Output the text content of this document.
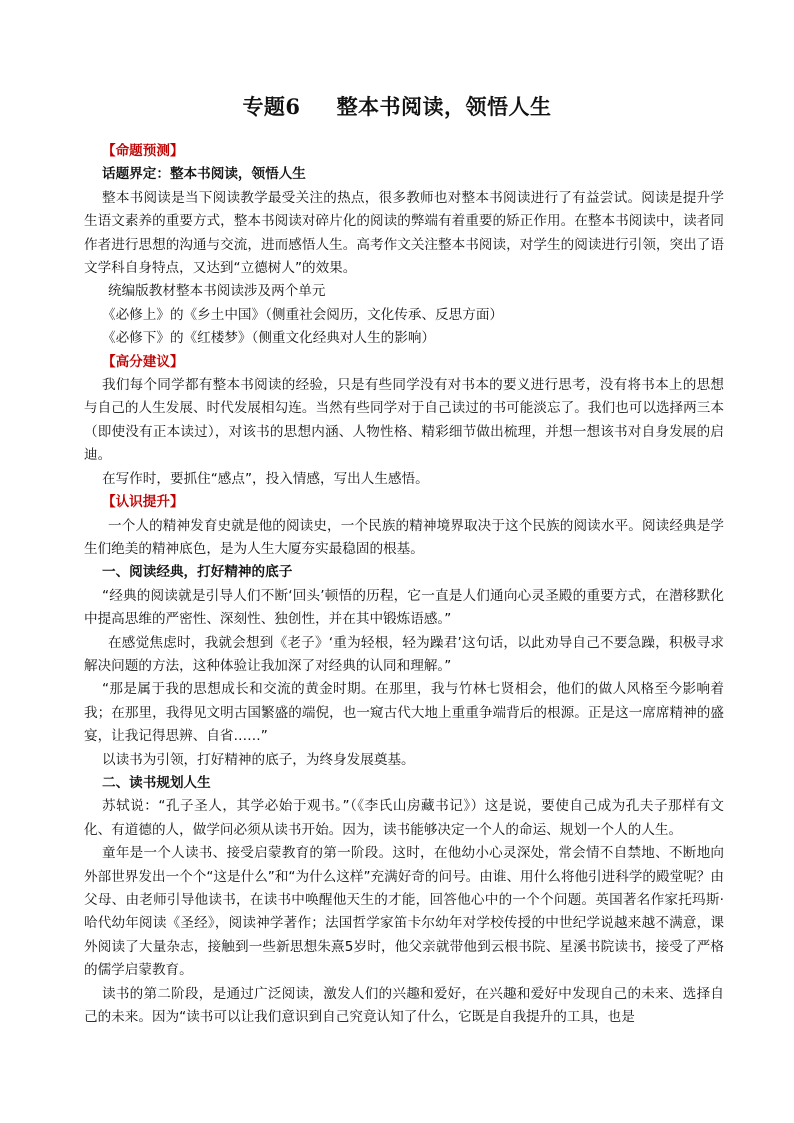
专题6 整本书阅读，领悟人生

【命题预测】

话题界定：整本书阅读，领悟人生

整本书阅读是当下阅读教学最受关注的热点，很多教师也对整本书阅读进行了有益尝试。阅读是提升学生语文素养的重要方式，整本书阅读对碎片化的阅读的弊端有着重要的矫正作用。在整本书阅读中，读者同作者进行思想的沟通与交流，进而感悟人生。高考作文关注整本书阅读，对学生的阅读进行引领，突出了语文学科自身特点，又达到“立德树人”的效果。

统编版教材整本书阅读涉及两个单元

《必修上》的《乡土中国》（侧重社会阅历，文化传承、反思方面）

《必修下》的《红楼梦》（侧重文化经典对人生的影响）

【高分建议】

我们每个同学都有整本书阅读的经验，只是有些同学没有对书本的要义进行思考，没有将书本上的思想与自己的人生发展、时代发展相勾连。当然有些同学对于自己读过的书可能淡忘了。我们也可以选择两三本（即使没有正本读过），对该书的思想内涵、人物性格、精彩细节做出梳理，并想一想该书对自身发展的启迪。

在写作时，要抓住“感点”，投入情感，写出人生感悟。

【认识提升】

一个人的精神发育史就是他的阅读史，一个民族的精神境界取决于这个民族的阅读水平。阅读经典是学生们绝美的精神底色，是为人生大厦夯实最稳固的根基。

一、阅读经典，打好精神的底子

“经典的阅读就是引导人们不断‘回头’顿悟的历程，它一直是人们通向心灵圣殿的重要方式，在潜移默化中提高思维的严密性、深刻性、独创性，并在其中锻炼语感。”

在感觉焦虑时，我就会想到《老子》‘重为轻根，轻为躁君’这句话，以此劝导自己不要急躁，积极寻求解决问题的方法，这种体验让我加深了对经典的认同和理解。”

“那是属于我的思想成长和交流的黄金时期。在那里，我与竹林七贤相会，他们的做人风格至今影响着我；在那里，我得见文明古国繁盛的端倪，也一窥古代大地上重重争端背后的根源。正是这一席席精神的盛宴，让我记得思辨、自省……”

以读书为引领，打好精神的底子，为终身发展奠基。

二、读书规划人生

苏轼说：“孔子圣人，其学必始于观书。”（《李氏山房藏书记》）这是说，要使自己成为孔夫子那样有文化、有道德的人，做学问必须从读书开始。因为，读书能够决定一个人的命运、规划一个人的人生。

童年是一个人读书、接受启蒙教育的第一阶段。这时，在他幼小心灵深处，常会情不自禁地、不断地向外部世界发出一个个“这是什么”和“为什么这样”充满好奇的问号。由谁、用什么将他引进科学的殿堂呢？由父母、由老师引导他读书，在读书中唤醒他天生的才能，回答他心中的一个个问题。英国著名作家托玛斯·哈代幼年阅读《圣经》，阅读神学著作；法国哲学家笛卡尔幼年对学校传授的中世纪学说越来越不满意，课外阅读了大量杂志，接触到一些新思想朱熹5岁时，他父亲就带他到云根书院、星溪书院读书，接受了严格的儒学启蒙教育。

读书的第二阶段，是通过广泛阅读，激发人们的兴趣和爱好，在兴趣和爱好中发现自己的未来、选择自己的未来。因为“读书可以让我们意识到自己究竟认知了什么，它既是自我提升的工具，也是
